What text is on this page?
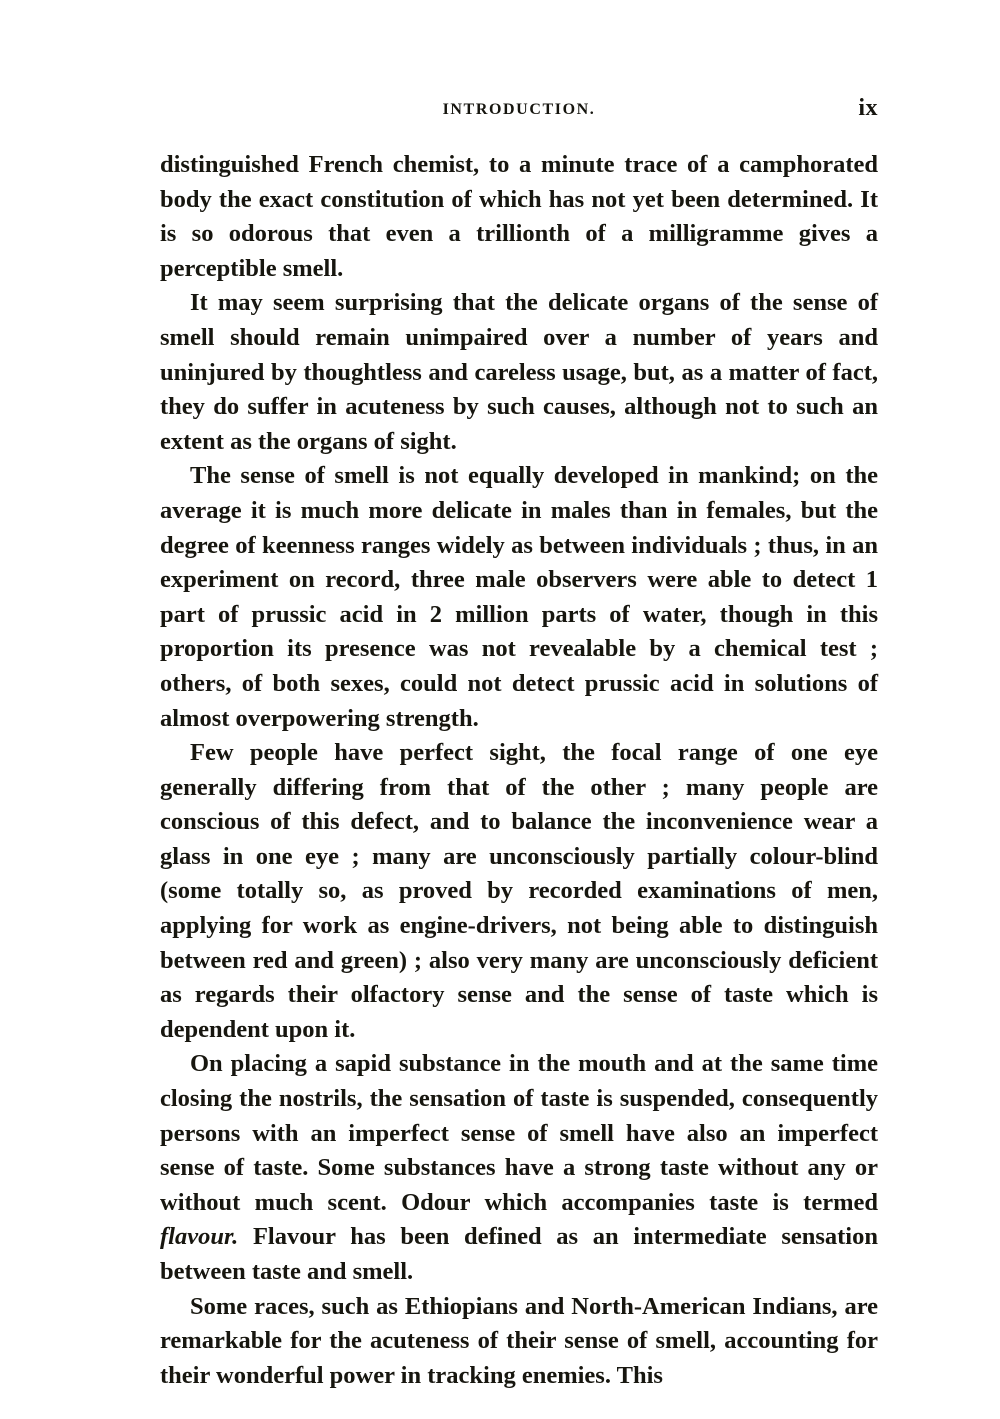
INTRODUCTION.	ix

distinguished French chemist, to a minute trace of a camphorated body the exact constitution of which has not yet been determined. It is so odorous that even a trillionth of a milligramme gives a perceptible smell.

It may seem surprising that the delicate organs of the sense of smell should remain unimpaired over a number of years and uninjured by thoughtless and careless usage, but, as a matter of fact, they do suffer in acuteness by such causes, although not to such an extent as the organs of sight.

The sense of smell is not equally developed in mankind; on the average it is much more delicate in males than in females, but the degree of keenness ranges widely as between individuals ; thus, in an experiment on record, three male observers were able to detect 1 part of prussic acid in 2 million parts of water, though in this proportion its presence was not revealable by a chemical test ; others, of both sexes, could not detect prussic acid in solutions of almost overpowering strength.

Few people have perfect sight, the focal range of one eye generally differing from that of the other ; many people are conscious of this defect, and to balance the inconvenience wear a glass in one eye ; many are unconsciously partially colour-blind (some totally so, as proved by recorded examinations of men, applying for work as engine-drivers, not being able to distinguish between red and green) ; also very many are unconsciously deficient as regards their olfactory sense and the sense of taste which is dependent upon it.

On placing a sapid substance in the mouth and at the same time closing the nostrils, the sensation of taste is suspended, consequently persons with an imperfect sense of smell have also an imperfect sense of taste. Some substances have a strong taste without any or without much scent. Odour which accompanies taste is termed flavour. Flavour has been defined as an intermediate sensation between taste and smell.

Some races, such as Ethiopians and North-American Indians, are remarkable for the acuteness of their sense of smell, accounting for their wonderful power in tracking enemies. This
